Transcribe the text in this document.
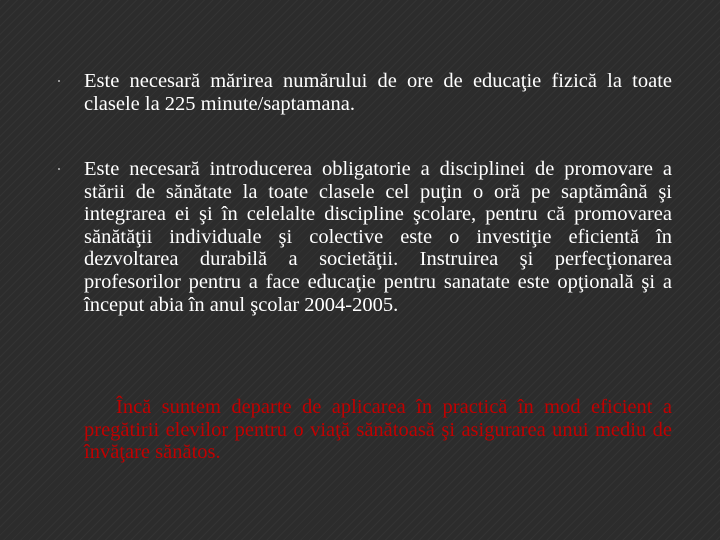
Este necesară mărirea numărului de ore de educaţie fizică la toate clasele la 225 minute/saptamana.
Este necesară introducerea obligatorie a disciplinei de promovare a stării de sănătate la toate clasele cel puţin o oră pe saptămână şi integrarea ei şi în celelalte discipline şcolare, pentru că promovarea sănătăţii individuale şi colective este o investiţie eficientă în dezvoltarea durabilă a societăţii. Instruirea şi perfecţionarea profesorilor pentru a face educaţie pentru sanatate este opţională şi a început abia în anul şcolar 2004-2005.
Încă suntem departe de aplicarea în practică în mod eficient a pregătirii elevilor pentru o viaţă sănătoasă şi asigurarea unui mediu de învăţare sănătos.
